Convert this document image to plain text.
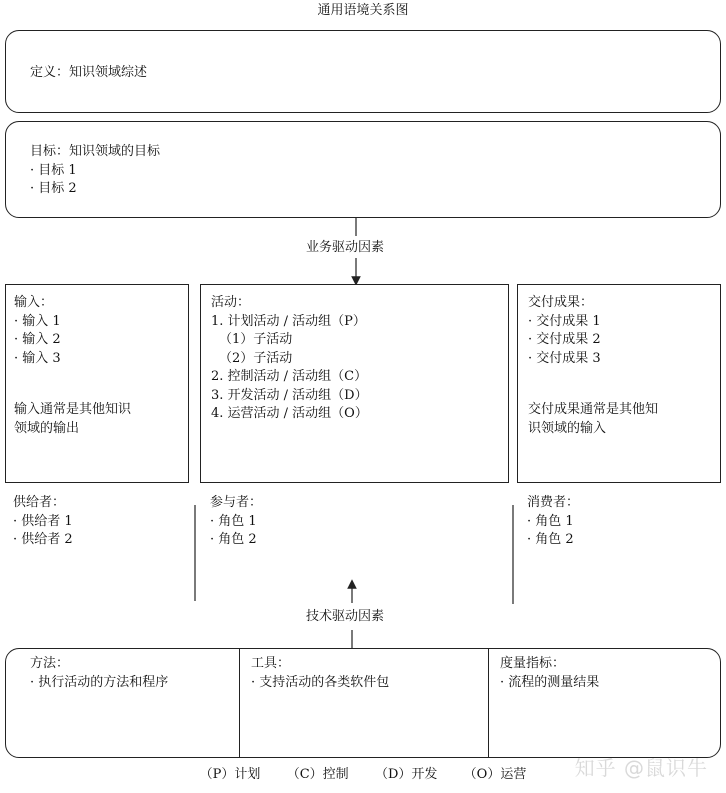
通用语境关系图
定义：知识领域综述
目标：知识领域的目标
· 目标 1
· 目标 2
业务驱动因素
输入：
· 输入 1
· 输入 2
· 输入 3
输入通常是其他知识
领域的输出
活动：
1. 计划活动 / 活动组（P）
（1）子活动
（2）子活动
2. 控制活动 / 活动组（C）
3. 开发活动 / 活动组（D）
4. 运营活动 / 活动组（O）
交付成果：
· 交付成果 1
· 交付成果 2
· 交付成果 3
交付成果通常是其他知
识领域的输入
供给者：
· 供给者 1
· 供给者 2
参与者：
· 角色 1
· 角色 2
消费者：
· 角色 1
· 角色 2
技术驱动因素
方法：
· 执行活动的方法和程序
工具：
· 支持活动的各类软件包
度量指标：
· 流程的测量结果
（P）计划 （C）控制 （D）开发 （O）运营	知乎 @鼠识牛
